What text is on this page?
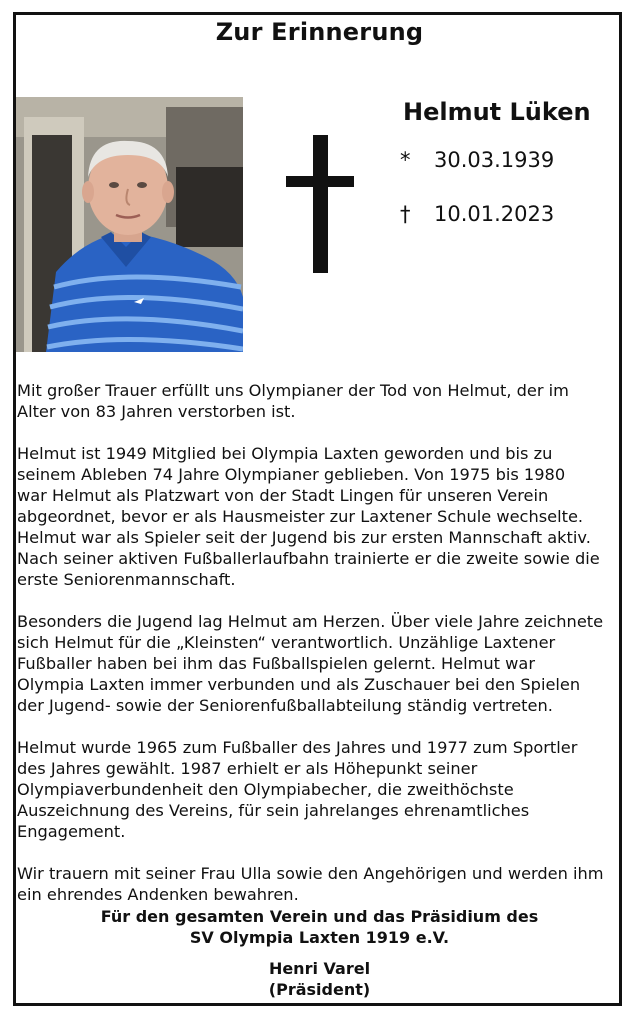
Zur Erinnerung
Helmut Lüken
* 30.03.1939
† 10.01.2023

Mit großer Trauer erfüllt uns Olympianer der Tod von Helmut, der im
Alter von 83 Jahren verstorben ist.

Helmut ist 1949 Mitglied bei Olympia Laxten geworden und bis zu
seinem Ableben 74 Jahre Olympianer geblieben. Von 1975 bis 1980
war Helmut als Platzwart von der Stadt Lingen für unseren Verein
abgeordnet, bevor er als Hausmeister zur Laxtener Schule wechselte.
Helmut war als Spieler seit der Jugend bis zur ersten Mannschaft aktiv.
Nach seiner aktiven Fußballerlaufbahn trainierte er die zweite sowie die
erste Seniorenmannschaft.

Besonders die Jugend lag Helmut am Herzen. Über viele Jahre zeichnete
sich Helmut für die „Kleinsten“ verantwortlich. Unzählige Laxtener
Fußballer haben bei ihm das Fußballspielen gelernt. Helmut war
Olympia Laxten immer verbunden und als Zuschauer bei den Spielen
der Jugend- sowie der Seniorenfußballabteilung ständig vertreten.

Helmut wurde 1965 zum Fußballer des Jahres und 1977 zum Sportler
des Jahres gewählt. 1987 erhielt er als Höhepunkt seiner
Olympiaverbundenheit den Olympiabecher, die zweithöchste
Auszeichnung des Vereins, für sein jahrelanges ehrenamtliches
Engagement.

Wir trauern mit seiner Frau Ulla sowie den Angehörigen und werden ihm
ein ehrendes Andenken bewahren.

Für den gesamten Verein und das Präsidium des
SV Olympia Laxten 1919 e.V.
Henri Varel
(Präsident)
